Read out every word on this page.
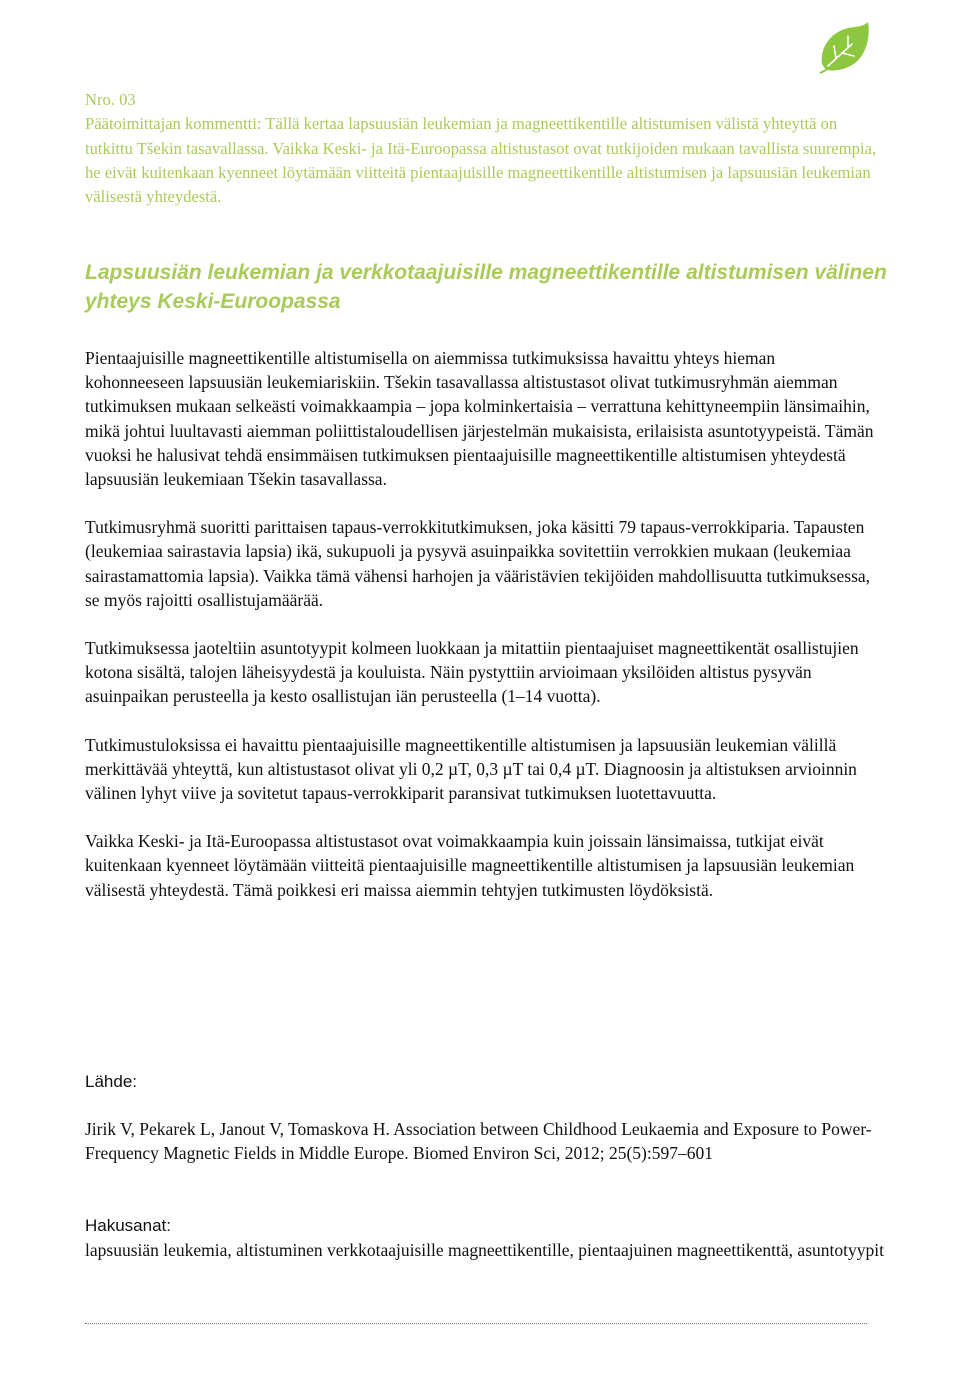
Nro. 03

Päätoimittajan kommentti: Tällä kertaa lapsuusiän leukemian ja magneettikentille altistumisen välistä yhteyttä on tutkittu Tšekin tasavallassa. Vaikka Keski- ja Itä-Euroopassa altistustasot ovat tutkijoiden mukaan tavallista suurempia, he eivät kuitenkaan kyenneet löytämään viitteitä pientaajuisille magneettikentille altistumisen ja lapsuusiän leukemian välisestä yhteydestä.

Lapsuusiän leukemian ja verkkotaajuisille magneettikentille altistumisen välinen yhteys Keski-Euroopassa

Pientaajuisille magneettikentille altistumisella on aiemmissa tutkimuksissa havaittu yhteys hieman kohonneeseen lapsuusiän leukemiariskiin. Tšekin tasavallassa altistustasot olivat tutkimusryhmän aiemman tutkimuksen mukaan selkeästi voimakkaampia – jopa kolminkertaisia – verrattuna kehittyneempiin länsimaihin, mikä johtui luultavasti aiemman poliittistaloudellisen järjestelmän mukaisista, erilaisista asuntotyypeistä. Tämän vuoksi he halusivat tehdä ensimmäisen tutkimuksen pientaajuisille magneettikentille altistumisen yhteydestä lapsuusiän leukemiaan Tšekin tasavallassa.

Tutkimusryhmä suoritti parittaisen tapaus-verrokkitutkimuksen, joka käsitti 79 tapaus-verrokkiparia. Tapausten (leukemiaa sairastavia lapsia) ikä, sukupuoli ja pysyvä asuinpaikka sovitettiin verrokkien mukaan (leukemiaa sairastamattomia lapsia). Vaikka tämä vähensi harhojen ja vääristävien tekijöiden mahdollisuutta tutkimuksessa, se myös rajoitti osallistujamäärää.

Tutkimuksessa jaoteltiin asuntotyypit kolmeen luokkaan ja mitattiin pientaajuiset magneettikentät osallistujien kotona sisältä, talojen läheisyydestä ja kouluista. Näin pystyttiin arvioimaan yksilöiden altistus pysyvän asuinpaikan perusteella ja kesto osallistujan iän perusteella (1–14 vuotta).

Tutkimustuloksissa ei havaittu pientaajuisille magneettikentille altistumisen ja lapsuusiän leukemian välillä merkittävää yhteyttä, kun altistustasot olivat yli 0,2 µT, 0,3 µT tai 0,4 µT. Diagnoosin ja altistuksen arvioinnin välinen lyhyt viive ja sovitetut tapaus-verrokkiparit paransivat tutkimuksen luotettavuutta.

Vaikka Keski- ja Itä-Euroopassa altistustasot ovat voimakkaampia kuin joissain länsimaissa, tutkijat eivät kuitenkaan kyenneet löytämään viitteitä pientaajuisille magneettikentille altistumisen ja lapsuusiän leukemian välisestä yhteydestä. Tämä poikkesi eri maissa aiemmin tehtyjen tutkimusten löydöksistä.

Lähde:

Jirik V, Pekarek L, Janout V, Tomaskova H. Association between Childhood Leukaemia and Exposure to Power-Frequency Magnetic Fields in Middle Europe. Biomed Environ Sci, 2012; 25(5):597–601

Hakusanat:

lapsuusiän leukemia, altistuminen verkkotaajuisille magneettikentille, pientaajuinen magneettikenttä, asuntotyypit
